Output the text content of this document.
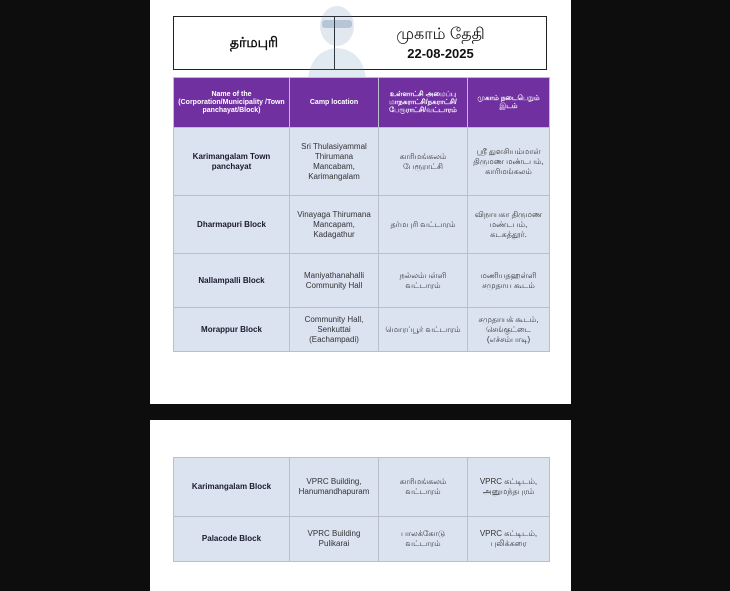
தர்மபுரி	முகாம் தேதி
22-08-2025
Name of the (Corporation/Municipality /Town panchayat/Block)	Camp location	உள்ளாட்சி அமைப்பு மாநகராட்சி/நகராட்சி/ பேரூராட்சி/வட்டாரம்	முகாம் நடைபெறும் இடம்
Karimangalam Town panchayat	Sri Thulasiyammal Thirumana Mancabam, Karimangalam	காரிமங்கலம் பேரூராட்சி	ஸ்ரீ துளசியம்மாள் திருமண மண்டபம், காரிமங்கலம்
Dharmapuri Block	Vinayaga Thirumana Mancapam, Kadagathur	தர்மபுரி வட்டாரம்	விநாயகா திருமண மண்டபம், கடகத்தூர்.
Nallampalli Block	Maniyathanahalli Community Hall	நல்லம்பள்ளி வட்டாரம்	மணியதஹள்ளி சமுதாய கூடம்
Morappur Block	Community Hall, Senkuttai (Eachampadi)	மொரப்பூர் வட்டாரம்	சமுதாயக் கூடம், செங்குட்டை (எச்சம்பாடி)
Karimangalam Block	VPRC Building, Hanumandhapuram	காரிமங்கலம் வட்டாரம்	VPRC கட்டிடம், அனுமந்தபுரம்
Palacode Block	VPRC Building Pulikarai	பாலக்கோடு வட்டாரம்	VPRC கட்டிடம், புலிக்கரை
